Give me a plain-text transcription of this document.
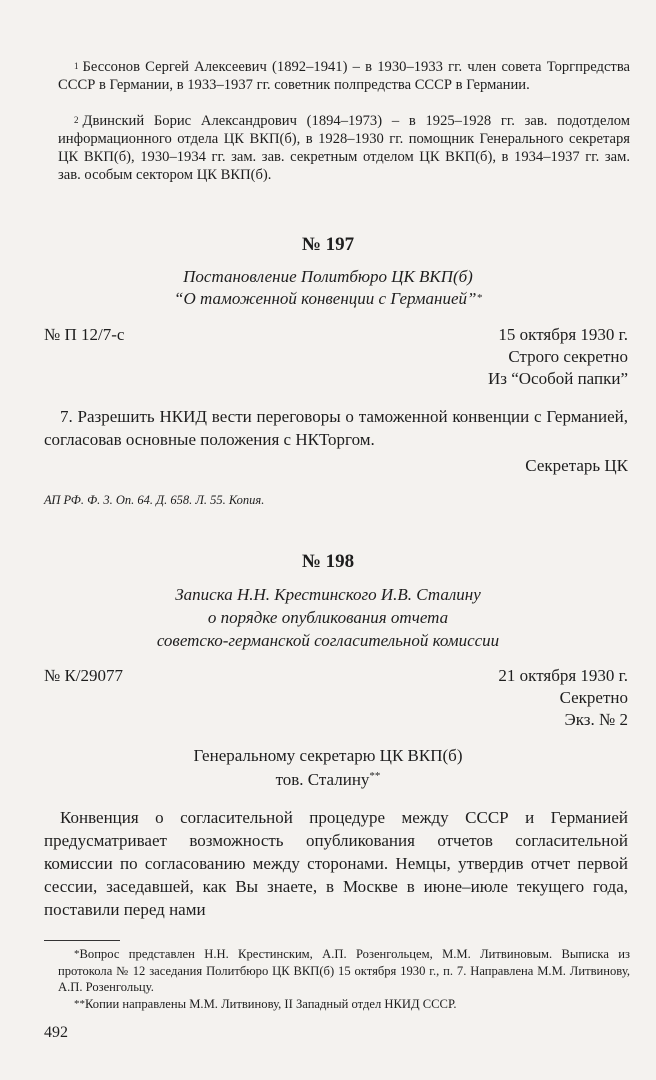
$^1$ Бессонов Сергей Алексеевич (1892–1941) – в 1930–1933 гг. член совета Торгпредства СССР в Германии, в 1933–1937 гг. советник полпредства СССР в Германии.
$^2$ Двинский Борис Александрович (1894–1973) – в 1925–1928 гг. зав. подотделом информационного отдела ЦК ВКП(б), в 1928–1930 гг. помощник Генерального секретаря ЦК ВКП(б), 1930–1934 гг. зам. зав. секретным отделом ЦК ВКП(б), в 1934–1937 гг. зам. зав. особым сектором ЦК ВКП(б).
№ 197
Постановление Политбюро ЦК ВКП(б)
“О таможенной конвенции с Германией”*
№ П 12/7-с	15 октября 1930 г.
Строго секретно
Из “Особой папки”
7. Разрешить НКИД вести переговоры о таможенной конвенции с Германией, согласовав основные положения с НКТоргом.
Секретарь ЦК
АП РФ. Ф. 3. Оп. 64. Д. 658. Л. 55. Копия.
№ 198
Записка Н.Н. Крестинского И.В. Сталину
о порядке опубликования отчета
советско-германской согласительной комиссии
№ К/29077	21 октября 1930 г.
Секретно
Экз. № 2
Генеральному секретарю ЦК ВКП(б)
тов. Сталину**
Конвенция о согласительной процедуре между СССР и Германией предусматривает возможность опубликования отчетов согласительной комиссии по согласованию между сторонами. Немцы, утвердив отчет первой сессии, заседавшей, как Вы знаете, в Москве в июне–июле текущего года, поставили перед нами
*Вопрос представлен Н.Н. Крестинским, А.П. Розенгольцем, М.М. Литвиновым. Выписка из протокола № 12 заседания Политбюро ЦК ВКП(б) 15 октября 1930 г., п. 7. Направлена М.М. Литвинову, А.П. Розенгольцу.
**Копии направлены М.М. Литвинову, II Западный отдел НКИД СССР.
492
